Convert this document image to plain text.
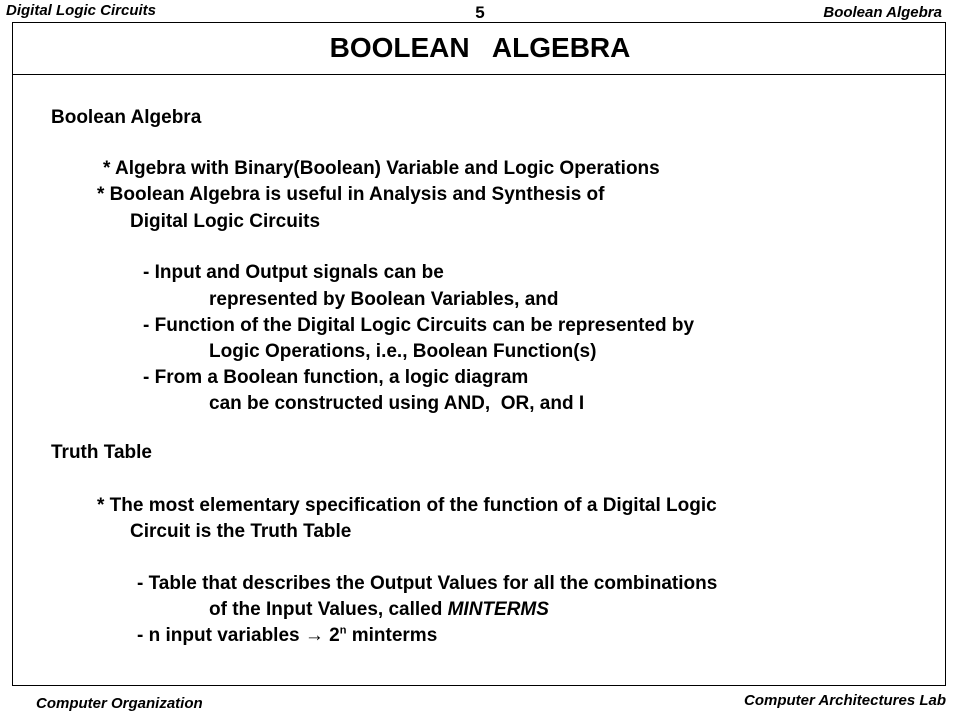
Digital Logic Circuits	5	Boolean Algebra
BOOLEAN   ALGEBRA
Boolean Algebra
* Algebra with Binary(Boolean) Variable and Logic Operations
* Boolean Algebra is useful in Analysis and Synthesis of
Digital Logic Circuits
- Input and Output signals can be
represented by Boolean Variables, and
- Function of the Digital Logic Circuits can be represented by
Logic Operations, i.e., Boolean Function(s)
- From a Boolean function, a logic diagram
can be constructed using AND,  OR, and I
Truth Table
* The most elementary specification of the function of a Digital Logic
Circuit is the Truth Table
- Table that describes the Output Values for all the combinations
of the Input Values, called MINTERMS
- n input variables → $2^n$ minterms
Computer Organization	Computer Architectures Lab
